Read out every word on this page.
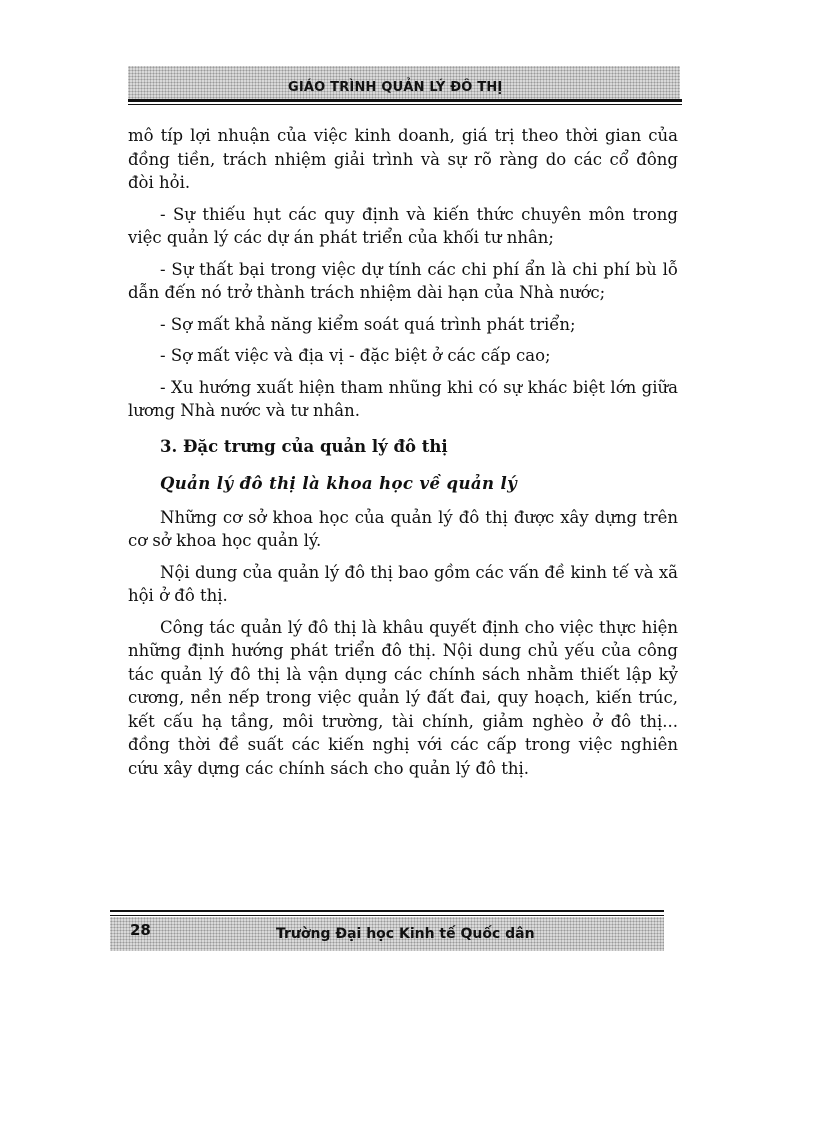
GIÁO TRÌNH QUẢN LÝ ĐÔ THỊ

mô típ lợi nhuận của việc kinh doanh, giá trị theo thời gian của đồng tiền, trách nhiệm giải trình và sự rõ ràng do các cổ đông đòi hỏi.

- Sự thiếu hụt các quy định và kiến thức chuyên môn trong việc quản lý các dự án phát triển của khối tư nhân;

- Sự thất bại trong việc dự tính các chi phí ẩn là chi phí bù lỗ dẫn đến nó trở thành trách nhiệm dài hạn của Nhà nước;

- Sợ mất khả năng kiểm soát quá trình phát triển;

- Sợ mất việc và địa vị - đặc biệt ở các cấp cao;

- Xu hướng xuất hiện tham nhũng khi có sự khác biệt lớn giữa lương Nhà nước và tư nhân.

3. Đặc trưng của quản lý đô thị

Quản lý đô thị là khoa học về quản lý

Những cơ sở khoa học của quản lý đô thị được xây dựng trên cơ sở khoa học quản lý.

Nội dung của quản lý đô thị bao gồm các vấn đề kinh tế và xã hội ở đô thị.

Công tác quản lý đô thị là khâu quyết định cho việc thực hiện những định hướng phát triển đô thị. Nội dung chủ yếu của công tác quản lý đô thị là vận dụng các chính sách nhằm thiết lập kỷ cương, nền nếp trong việc quản lý đất đai, quy hoạch, kiến trúc, kết cấu hạ tầng, môi trường, tài chính, giảm nghèo ở đô thị... đồng thời đề suất các kiến nghị với các cấp trong việc nghiên cứu xây dựng các chính sách cho quản lý đô thị.

28	Trường Đại học Kinh tế Quốc dân
